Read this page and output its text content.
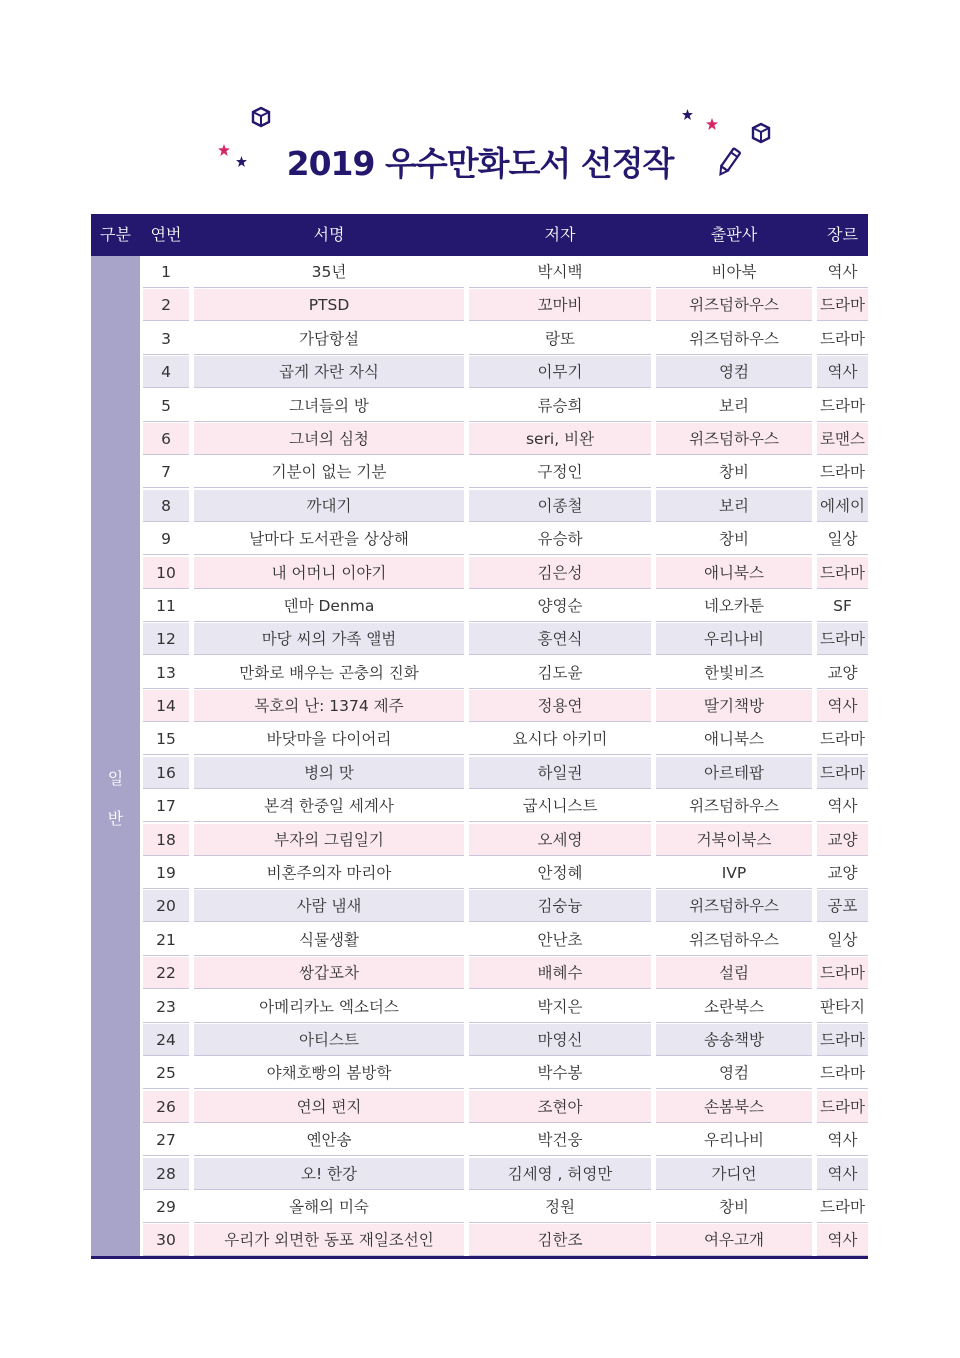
2019 우수만화도서 선정작
구분	연번	서명	저자	출판사	장르
일
반
1	35년	박시백	비아북	역사
2	PTSD	꼬마비	위즈덤하우스	드라마
3	가담항설	랑또	위즈덤하우스	드라마
4	곱게 자란 자식	이무기	영컴	역사
5	그녀들의 방	류승희	보리	드라마
6	그녀의 심청	seri, 비완	위즈덤하우스	로맨스
7	기분이 없는 기분	구정인	창비	드라마
8	까대기	이종철	보리	에세이
9	날마다 도서관을 상상해	유승하	창비	일상
10	내 어머니 이야기	김은성	애니북스	드라마
11	덴마 Denma	양영순	네오카툰	SF
12	마당 씨의 가족 앨범	홍연식	우리나비	드라마
13	만화로 배우는 곤충의 진화	김도윤	한빛비즈	교양
14	목호의 난: 1374 제주	정용연	딸기책방	역사
15	바닷마을 다이어리	요시다 아키미	애니북스	드라마
16	병의 맛	하일권	아르테팝	드라마
17	본격 한중일 세계사	굽시니스트	위즈덤하우스	역사
18	부자의 그림일기	오세영	거북이북스	교양
19	비혼주의자 마리아	안정혜	IVP	교양
20	사람 냄새	김숭늉	위즈덤하우스	공포
21	식물생활	안난초	위즈덤하우스	일상
22	쌍갑포차	배혜수	설림	드라마
23	아메리카노 엑소더스	박지은	소란북스	판타지
24	아티스트	마영신	송송책방	드라마
25	야채호빵의 봄방학	박수봉	영컴	드라마
26	연의 편지	조현아	손봄북스	드라마
27	옌안송	박건웅	우리나비	역사
28	오! 한강	김세영 , 허영만	가디언	역사
29	올해의 미숙	정원	창비	드라마
30	우리가 외면한 동포 재일조선인	김한조	여우고개	역사
